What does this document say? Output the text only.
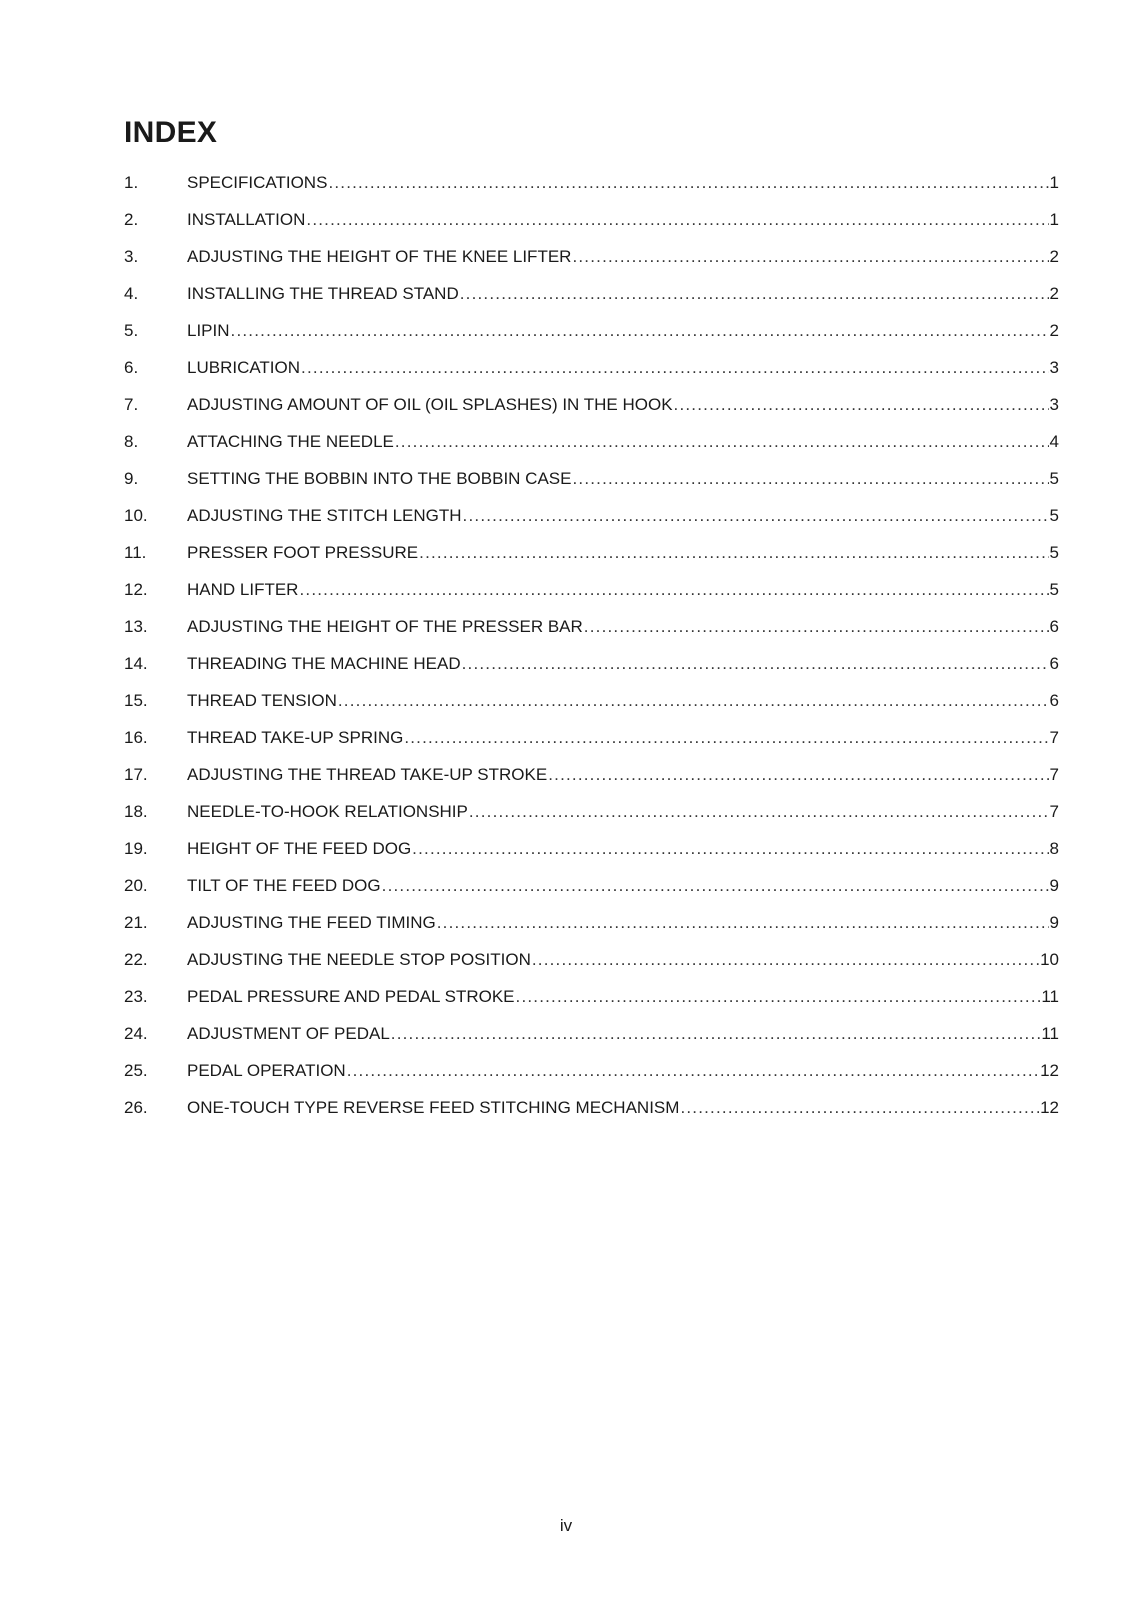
INDEX
1.	SPECIFICATIONS .....	1
2.	INSTALLATION .....	1
3.	ADJUSTING THE HEIGHT OF THE KNEE LIFTER .....	2
4.	INSTALLING THE THREAD STAND .....	2
5.	LIPIN .....	2
6.	LUBRICATION .....	3
7.	ADJUSTING AMOUNT OF OIL (OIL SPLASHES) IN THE HOOK .....	3
8.	ATTACHING THE NEEDLE .....	4
9.	SETTING THE BOBBIN INTO THE BOBBIN CASE .....	5
10.	ADJUSTING THE STITCH LENGTH .....	5
11.	PRESSER FOOT PRESSURE .....	5
12.	HAND LIFTER .....	5
13.	ADJUSTING THE HEIGHT OF THE PRESSER BAR .....	6
14.	THREADING THE MACHINE HEAD .....	6
15.	THREAD TENSION .....	6
16.	THREAD TAKE-UP SPRING .....	7
17.	ADJUSTING THE THREAD TAKE-UP STROKE .....	7
18.	NEEDLE-TO-HOOK RELATIONSHIP .....	7
19.	HEIGHT OF THE FEED DOG .....	8
20.	TILT OF THE FEED DOG .....	9
21.	ADJUSTING THE FEED TIMING .....	9
22.	ADJUSTING THE NEEDLE STOP POSITION .....	10
23.	PEDAL PRESSURE AND PEDAL STROKE .....	11
24.	ADJUSTMENT OF PEDAL .....	11
25.	PEDAL OPERATION .....	12
26.	ONE-TOUCH TYPE REVERSE FEED STITCHING MECHANISM .....	12
iv
